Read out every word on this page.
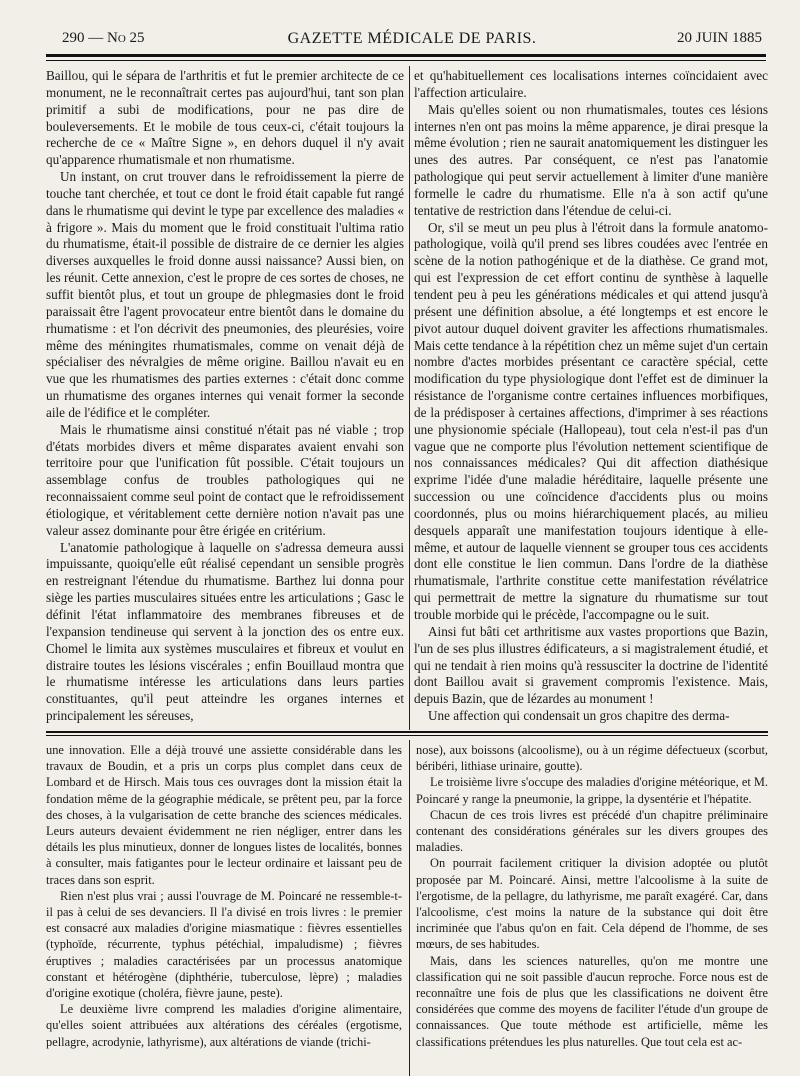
290 — No 25	GAZETTE MÉDICALE DE PARIS.	20 JUIN 1885

Baillou, qui le sépara de l'arthritis et fut le premier architecte de ce monument, ne le reconnaîtrait certes pas aujourd'hui, tant son plan primitif a subi de modifications, pour ne pas dire de bouleversements. Et le mobile de tous ceux-ci, c'était toujours la recherche de ce « Maître Signe », en dehors duquel il n'y avait qu'apparence rhumatismale et non rhumatisme.

Un instant, on crut trouver dans le refroidissement la pierre de touche tant cherchée, et tout ce dont le froid était capable fut rangé dans le rhumatisme qui devint le type par excellence des maladies « à frigore ». Mais du moment que le froid constituait l'ultima ratio du rhumatisme, était-il possible de distraire de ce dernier les algies diverses auxquelles le froid donne aussi naissance? Aussi bien, on les réunit. Cette annexion, c'est le propre de ces sortes de choses, ne suffit bientôt plus, et tout un groupe de phlegmasies dont le froid paraissait être l'agent provocateur entre bientôt dans le domaine du rhumatisme : et l'on décrivit des pneumonies, des pleurésies, voire même des méningites rhumatismales, comme on venait déjà de spécialiser des névralgies de même origine. Baillou n'avait eu en vue que les rhumatismes des parties externes : c'était donc comme un rhumatisme des organes internes qui venait former la seconde aile de l'édifice et le compléter.

Mais le rhumatisme ainsi constitué n'était pas né viable ; trop d'états morbides divers et même disparates avaient envahi son territoire pour que l'unification fût possible. C'était toujours un assemblage confus de troubles pathologiques qui ne reconnaissaient comme seul point de contact que le refroidissement étiologique, et véritablement cette dernière notion n'avait pas une valeur assez dominante pour être érigée en critérium.

L'anatomie pathologique à laquelle on s'adressa demeura aussi impuissante, quoiqu'elle eût réalisé cependant un sensible progrès en restreignant l'étendue du rhumatisme. Barthez lui donna pour siège les parties musculaires situées entre les articulations ; Gasc le définit l'état inflammatoire des membranes fibreuses et de l'expansion tendineuse qui servent à la jonction des os entre eux. Chomel le limita aux systèmes musculaires et fibreux et voulut en distraire toutes les lésions viscérales ; enfin Bouillaud montra que le rhumatisme intéresse les articulations dans leurs parties constituantes, qu'il peut atteindre les organes internes et principalement les séreuses,

et qu'habituellement ces localisations internes coïncidaient avec l'affection articulaire.

Mais qu'elles soient ou non rhumatismales, toutes ces lésions internes n'en ont pas moins la même apparence, je dirai presque la même évolution ; rien ne saurait anatomiquement les distinguer les unes des autres. Par conséquent, ce n'est pas l'anatomie pathologique qui peut servir actuellement à limiter d'une manière formelle le cadre du rhumatisme. Elle n'a à son actif qu'une tentative de restriction dans l'étendue de celui-ci.

Or, s'il se meut un peu plus à l'étroit dans la formule anatomo-pathologique, voilà qu'il prend ses libres coudées avec l'entrée en scène de la notion pathogénique et de la diathèse. Ce grand mot, qui est l'expression de cet effort continu de synthèse à laquelle tendent peu à peu les générations médicales et qui attend jusqu'à présent une définition absolue, a été longtemps et est encore le pivot autour duquel doivent graviter les affections rhumatismales. Mais cette tendance à la répétition chez un même sujet d'un certain nombre d'actes morbides présentant ce caractère spécial, cette modification du type physiologique dont l'effet est de diminuer la résistance de l'organisme contre certaines influences morbifiques, de la prédisposer à certaines affections, d'imprimer à ses réactions une physionomie spéciale (Hallopeau), tout cela n'est-il pas d'un vague que ne comporte plus l'évolution nettement scientifique de nos connaissances médicales? Qui dit affection diathésique exprime l'idée d'une maladie héréditaire, laquelle présente une succession ou une coïncidence d'accidents plus ou moins coordonnés, plus ou moins hiérarchiquement placés, au milieu desquels apparaît une manifestation toujours identique à elle-même, et autour de laquelle viennent se grouper tous ces accidents dont elle constitue le lien commun. Dans l'ordre de la diathèse rhumatismale, l'arthrite constitue cette manifestation révélatrice qui permettrait de mettre la signature du rhumatisme sur tout trouble morbide qui le précède, l'accompagne ou le suit.

Ainsi fut bâti cet arthritisme aux vastes proportions que Bazin, l'un de ses plus illustres édificateurs, a si magistralement étudié, et qui ne tendait à rien moins qu'à ressusciter la doctrine de l'identité dont Baillou avait si gravement compromis l'existence. Mais, depuis Bazin, que de lézardes au monument !

Une affection qui condensait un gros chapitre des derma-

une innovation. Elle a déjà trouvé une assiette considérable dans les travaux de Boudin, et a pris un corps plus complet dans ceux de Lombard et de Hirsch. Mais tous ces ouvrages dont la mission était la fondation même de la géographie médicale, se prêtent peu, par la force des choses, à la vulgarisation de cette branche des sciences médicales. Leurs auteurs devaient évidemment ne rien négliger, entrer dans les détails les plus minutieux, donner de longues listes de localités, bonnes à consulter, mais fatigantes pour le lecteur ordinaire et laissant peu de traces dans son esprit.

Rien n'est plus vrai ; aussi l'ouvrage de M. Poincaré ne ressemble-t-il pas à celui de ses devanciers. Il l'a divisé en trois livres : le premier est consacré aux maladies d'origine miasmatique : fièvres essentielles (typhoïde, récurrente, typhus pétéchial, impaludisme) ; fièvres éruptives ; maladies caractérisées par un processus anatomique constant et hétérogène (diphthérie, tuberculose, lèpre) ; maladies d'origine exotique (choléra, fièvre jaune, peste).

Le deuxième livre comprend les maladies d'origine alimentaire, qu'elles soient attribuées aux altérations des céréales (ergotisme, pellagre, acrodynie, lathyrisme), aux altérations de viande (trichi-

nose), aux boissons (alcoolisme), ou à un régime défectueux (scorbut, béribéri, lithiase urinaire, goutte).

Le troisième livre s'occupe des maladies d'origine météorique, et M. Poincaré y range la pneumonie, la grippe, la dysentérie et l'hépatite.

Chacun de ces trois livres est précédé d'un chapitre préliminaire contenant des considérations générales sur les divers groupes des maladies.

On pourrait facilement critiquer la division adoptée ou plutôt proposée par M. Poincaré. Ainsi, mettre l'alcoolisme à la suite de l'ergotisme, de la pellagre, du lathyrisme, me paraît exagéré. Car, dans l'alcoolisme, c'est moins la nature de la substance qui doit être incriminée que l'abus qu'on en fait. Cela dépend de l'homme, de ses mœurs, de ses habitudes.

Mais, dans les sciences naturelles, qu'on me montre une classification qui ne soit passible d'aucun reproche. Force nous est de reconnaître une fois de plus que les classifications ne doivent être considérées que comme des moyens de faciliter l'étude d'un groupe de connaissances. Que toute méthode est artificielle, même les classifications prétendues les plus naturelles. Que tout cela est ac-
